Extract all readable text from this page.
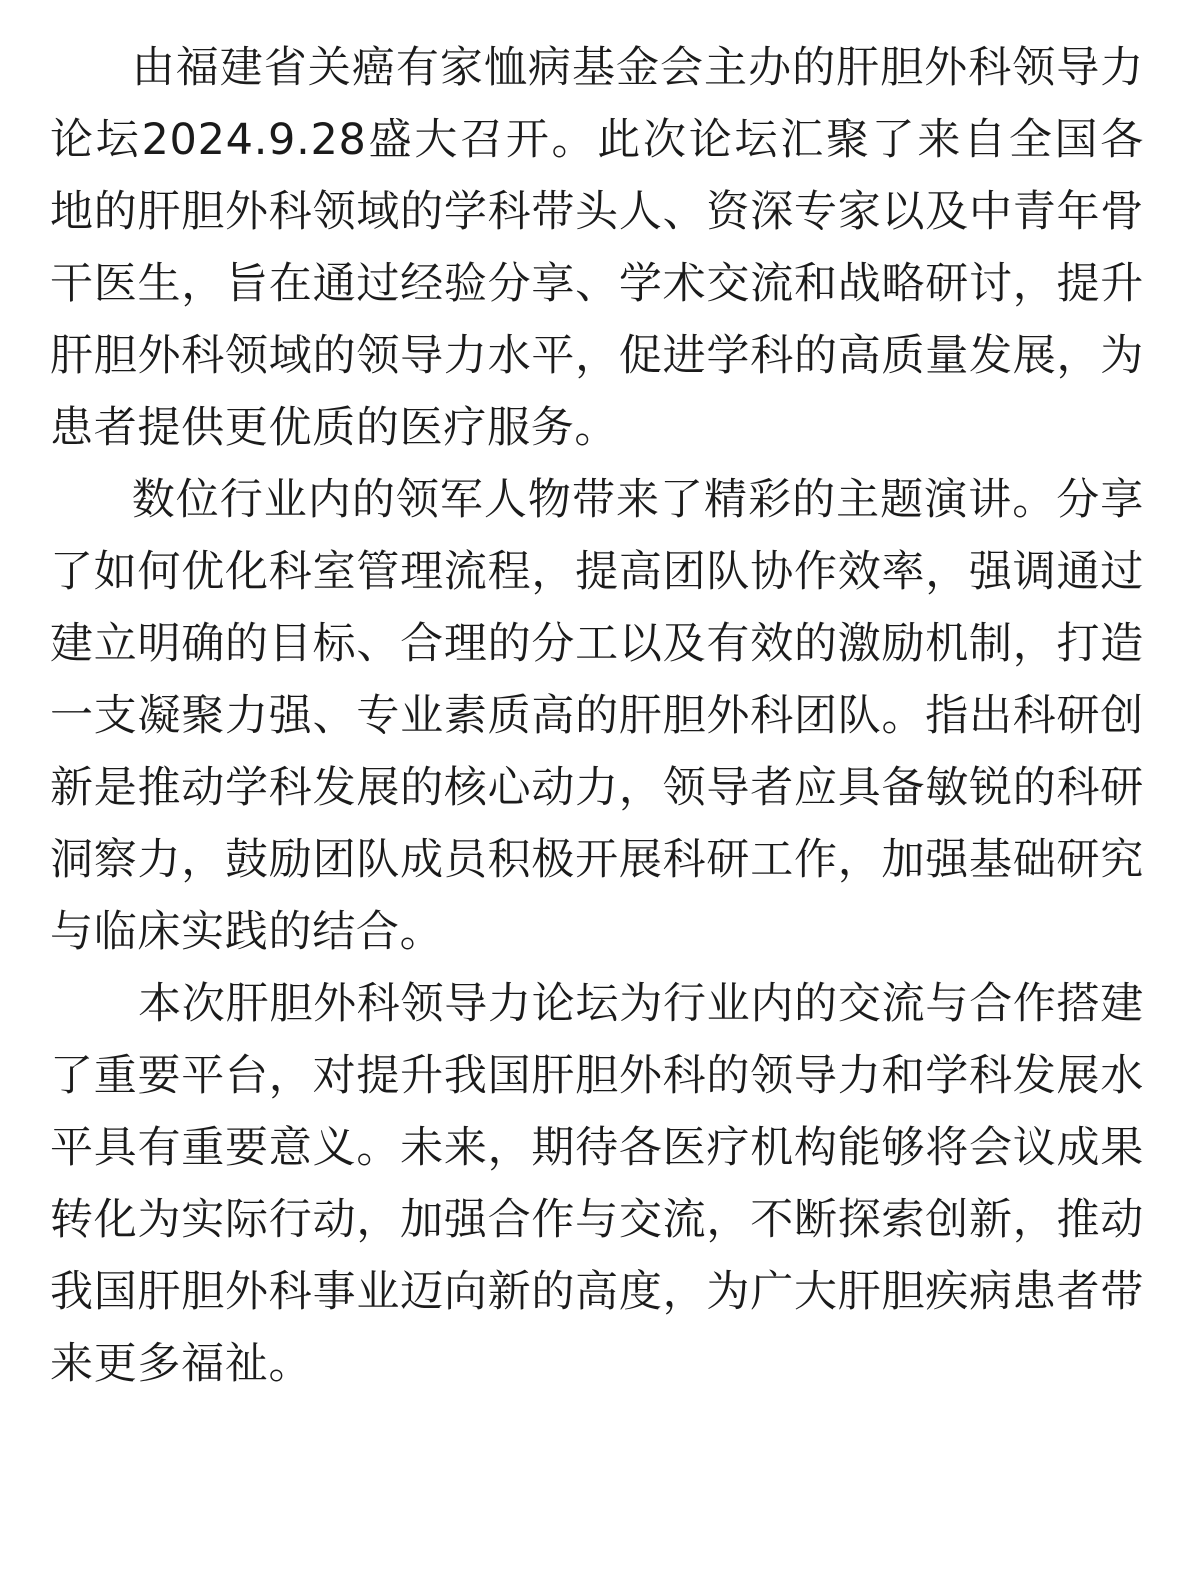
由福建省关癌有家恤病基金会主办的肝胆外科领导力论坛2024.9.28盛大召开。此次论坛汇聚了来自全国各地的肝胆外科领域的学科带头人、资深专家以及中青年骨干医生，旨在通过经验分享、学术交流和战略研讨，提升肝胆外科领域的领导力水平，促进学科的高质量发展，为患者提供更优质的医疗服务。

数位行业内的领军人物带来了精彩的主题演讲。分享了如何优化科室管理流程，提高团队协作效率，强调通过建立明确的目标、合理的分工以及有效的激励机制，打造一支凝聚力强、专业素质高的肝胆外科团队。指出科研创新是推动学科发展的核心动力，领导者应具备敏锐的科研洞察力，鼓励团队成员积极开展科研工作，加强基础研究与临床实践的结合。

本次肝胆外科领导力论坛为行业内的交流与合作搭建了重要平台，对提升我国肝胆外科的领导力和学科发展水平具有重要意义。未来，期待各医疗机构能够将会议成果转化为实际行动，加强合作与交流，不断探索创新，推动我国肝胆外科事业迈向新的高度，为广大肝胆疾病患者带来更多福祉。
